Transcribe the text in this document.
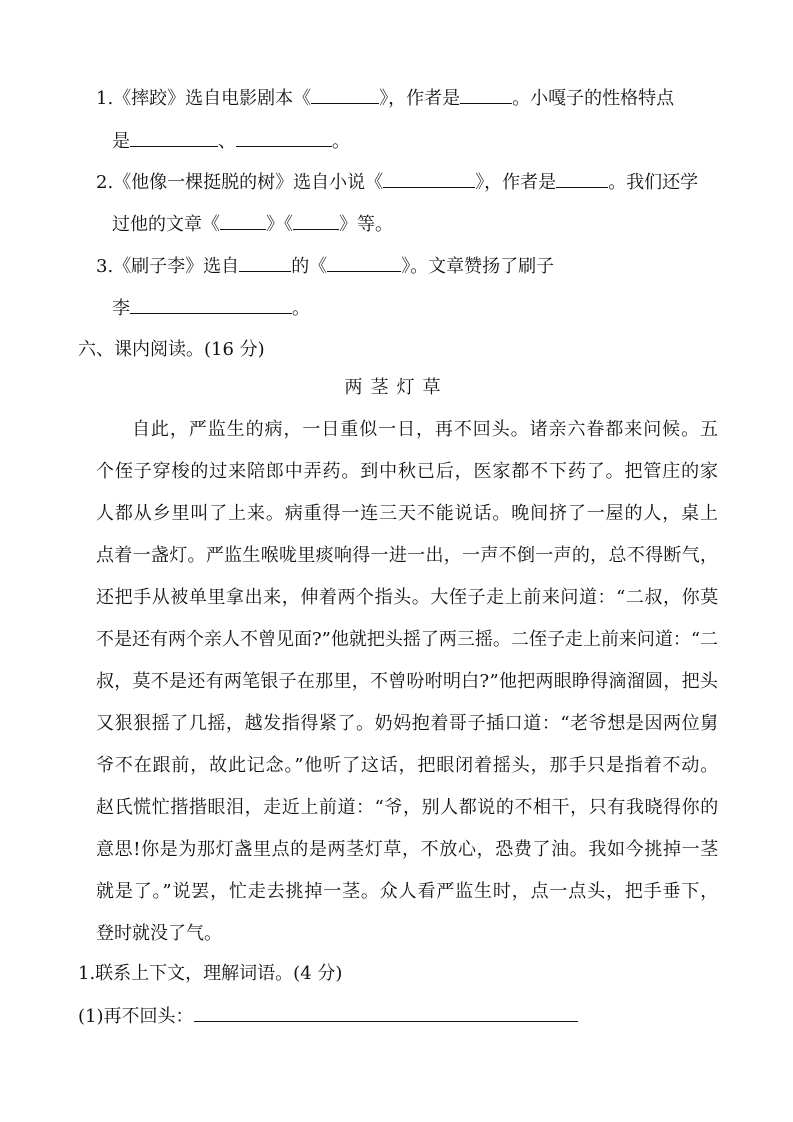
1.《摔跤》选自电影剧本《	》，作者是	。小嘎子的性格特点
是	、	。
2.《他像一棵挺脱的树》选自小说《	》，作者是	。我们还学
过他的文章《	》《	》等。
3.《刷子李》选自	的《	》。文章赞扬了刷子
李	。
六、课内阅读。(16 分)
两茎灯草
自此，严监生的病，一日重似一日，再不回头。诸亲六眷都来问候。五
个侄子穿梭的过来陪郎中弄药。到中秋已后，医家都不下药了。把管庄的家
人都从乡里叫了上来。病重得一连三天不能说话。晚间挤了一屋的人，桌上
点着一盏灯。严监生喉咙里痰响得一进一出，一声不倒一声的，总不得断气，
还把手从被单里拿出来，伸着两个指头。大侄子走上前来问道：“二叔，你莫
不是还有两个亲人不曾见面?”他就把头摇了两三摇。二侄子走上前来问道：“二
叔，莫不是还有两笔银子在那里，不曾吩咐明白?”他把两眼睁得滴溜圆，把头
又狠狠摇了几摇，越发指得紧了。奶妈抱着哥子插口道：“老爷想是因两位舅
爷不在跟前，故此记念。”他听了这话，把眼闭着摇头，那手只是指着不动。
赵氏慌忙揩揩眼泪，走近上前道：“爷，别人都说的不相干，只有我晓得你的
意思!你是为那灯盏里点的是两茎灯草，不放心，恐费了油。我如今挑掉一茎
就是了。”说罢，忙走去挑掉一茎。众人看严监生时，点一点头，把手垂下，
登时就没了气。
1.联系上下文，理解词语。(4 分)
(1)再不回头：
